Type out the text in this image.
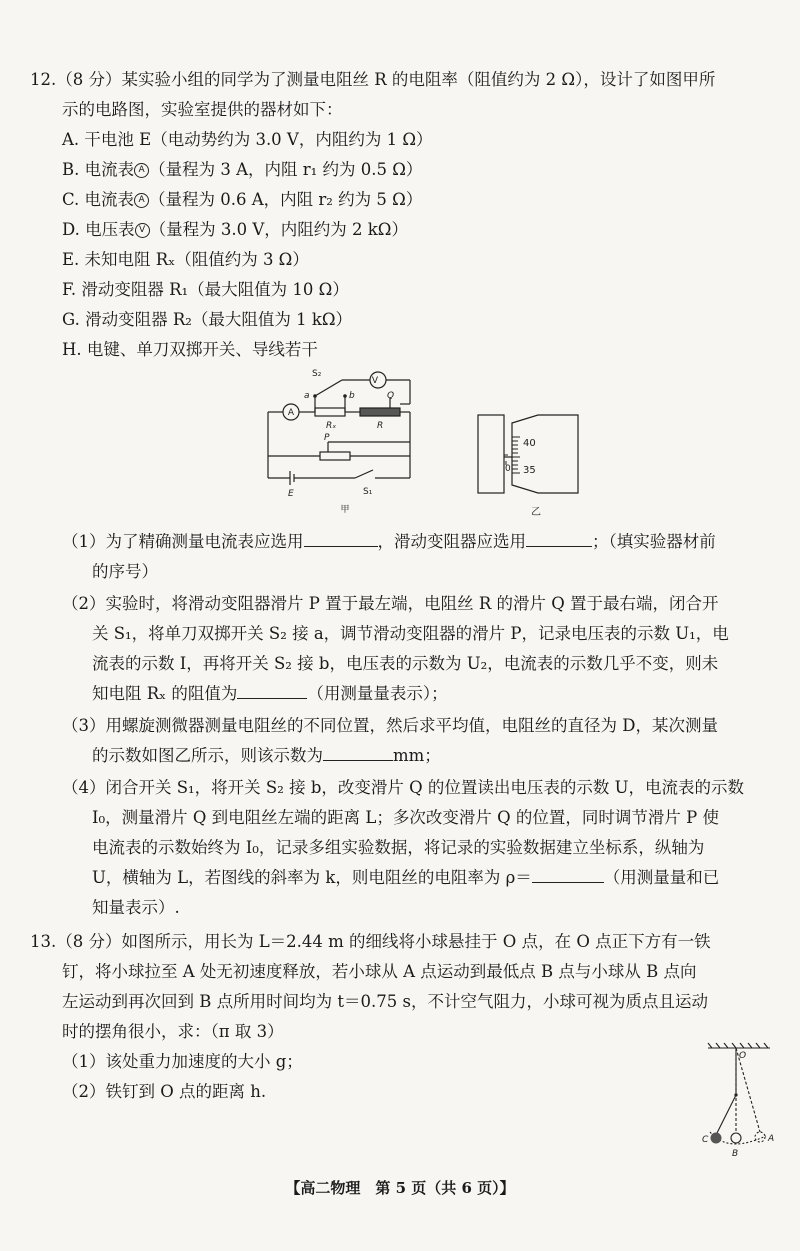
12.（8 分）某实验小组的同学为了测量电阻丝 R 的电阻率（阻值约为 2 Ω），设计了如图甲所
示的电路图，实验室提供的器材如下：
A. 干电池 E（电动势约为 3.0 V，内阻约为 1 Ω）
B. 电流表 A （量程为 3 A，内阻 r₁ 约为 0.5 Ω）
C. 电流表 A （量程为 0.6 A，内阻 r₂ 约为 5 Ω）
D. 电压表 V （量程为 3.0 V，内阻约为 2 kΩ）
E. 未知电阻 Rₓ（阻值约为 3 Ω）
F. 滑动变阻器 R₁（最大阻值为 10 Ω）
G. 滑动变阻器 R₂（最大阻值为 1 kΩ）
H. 电键、单刀双掷开关、导线若干
S₂
V
a	b	Q
A
Rₓ	R
P
E	S₁
甲
40
35
0
乙
（1）为了精确测量电流表应选用	，滑动变阻器应选用	；（填实验器材前
的序号）
（2）实验时，将滑动变阻器滑片 P 置于最左端，电阻丝 R 的滑片 Q 置于最右端，闭合开
关 S₁，将单刀双掷开关 S₂ 接 a，调节滑动变阻器的滑片 P，记录电压表的示数 U₁，电
流表的示数 I，再将开关 S₂ 接 b，电压表的示数为 U₂，电流表的示数几乎不变，则未
知电阻 Rₓ 的阻值为	（用测量量表示）；
（3）用螺旋测微器测量电阻丝的不同位置，然后求平均值，电阻丝的直径为 D，某次测量
的示数如图乙所示，则该示数为	mm；
（4）闭合开关 S₁，将开关 S₂ 接 b，改变滑片 Q 的位置读出电压表的示数 U，电流表的示数
I₀，测量滑片 Q 到电阻丝左端的距离 L；多次改变滑片 Q 的位置，同时调节滑片 P 使
电流表的示数始终为 I₀，记录多组实验数据，将记录的实验数据建立坐标系，纵轴为
U，横轴为 L，若图线的斜率为 k，则电阻丝的电阻率为 ρ＝	（用测量量和已
知量表示）.
13.（8 分）如图所示，用长为 L＝2.44 m 的细线将小球悬挂于 O 点，在 O 点正下方有一铁
钉，将小球拉至 A 处无初速度释放，若小球从 A 点运动到最低点 B 点与小球从 B 点向
左运动到再次回到 B 点所用时间均为 t＝0.75 s，不计空气阻力，小球可视为质点且运动
时的摆角很小，求：（π 取 3）
（1）该处重力加速度的大小 g；
（2）铁钉到 O 点的距离 h.
O
A
B
C
【高二物理　第 5 页（共 6 页）】
